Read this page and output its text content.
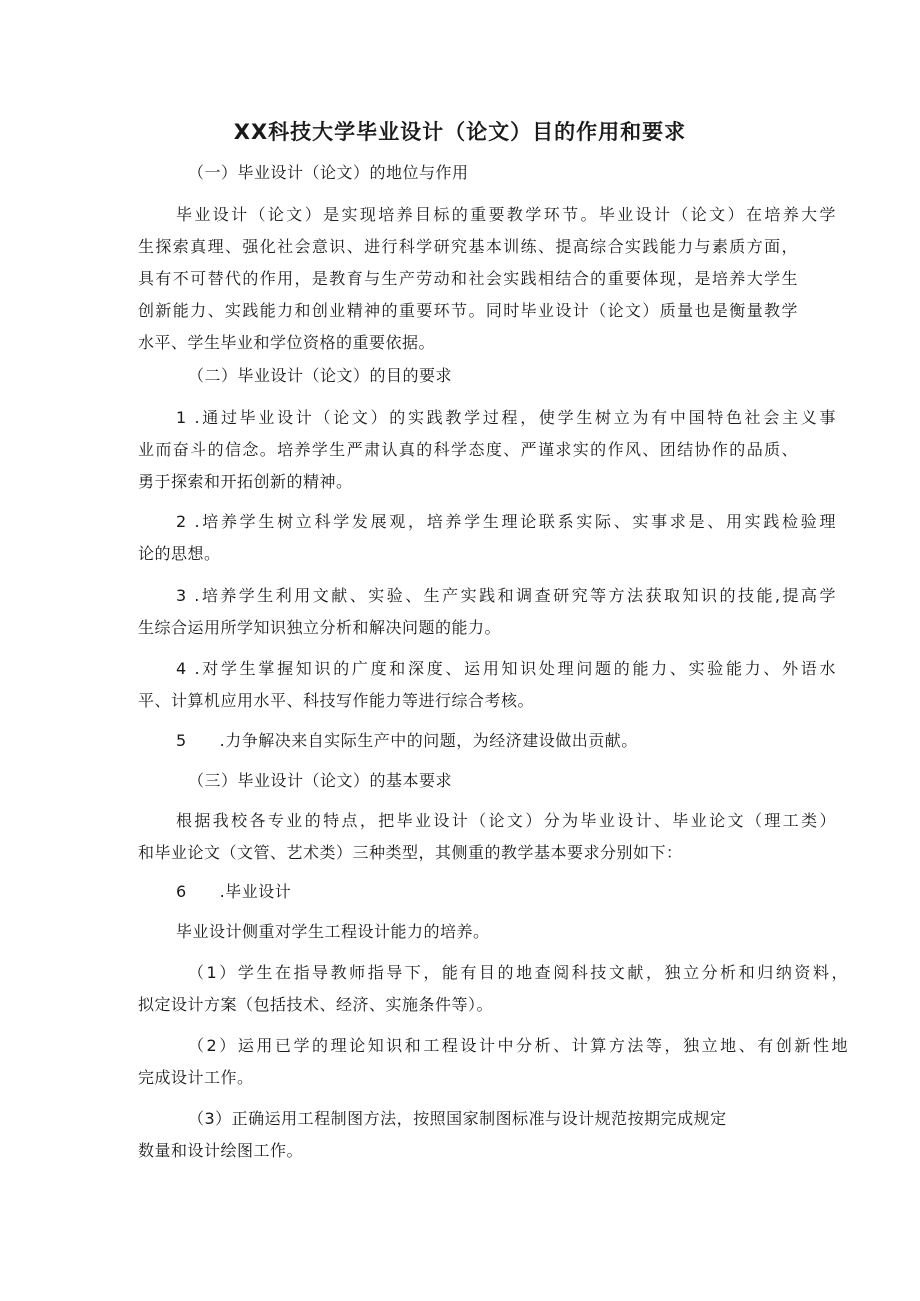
XX科技大学毕业设计（论文）目的作用和要求
（一）毕业设计（论文）的地位与作用
毕业设计（论文）是实现培养目标的重要教学环节。毕业设计（论文）在培养大学
生探索真理、强化社会意识、进行科学研究基本训练、提高综合实践能力与素质方面，
具有不可替代的作用，是教育与生产劳动和社会实践相结合的重要体现，是培养大学生
创新能力、实践能力和创业精神的重要环节。同时毕业设计（论文）质量也是衡量教学
水平、学生毕业和学位资格的重要依据。
（二）毕业设计（论文）的目的要求
1 .通过毕业设计（论文）的实践教学过程，使学生树立为有中国特色社会主义事
业而奋斗的信念。培养学生严肃认真的科学态度、严谨求实的作风、团结协作的品质、
勇于探索和开拓创新的精神。
2 .培养学生树立科学发展观，培养学生理论联系实际、实事求是、用实践检验理
论的思想。
3 .培养学生利用文献、实验、生产实践和调查研究等方法获取知识的技能,提高学
生综合运用所学知识独立分析和解决问题的能力。
4 .对学生掌握知识的广度和深度、运用知识处理问题的能力、实验能力、外语水
平、计算机应用水平、科技写作能力等进行综合考核。
5　　.力争解决来自实际生产中的问题，为经济建设做出贡献。
（三）毕业设计（论文）的基本要求
根据我校各专业的特点，把毕业设计（论文）分为毕业设计、毕业论文（理工类）
和毕业论文（文管、艺术类）三种类型，其侧重的教学基本要求分别如下：
6　　.毕业设计
毕业设计侧重对学生工程设计能力的培养。
（1）学生在指导教师指导下，能有目的地查阅科技文献，独立分析和归纳资料，
拟定设计方案（包括技术、经济、实施条件等）。
（2）运用已学的理论知识和工程设计中分析、计算方法等，独立地、有创新性地
完成设计工作。
（3）正确运用工程制图方法，按照国家制图标准与设计规范按期完成规定
数量和设计绘图工作。
